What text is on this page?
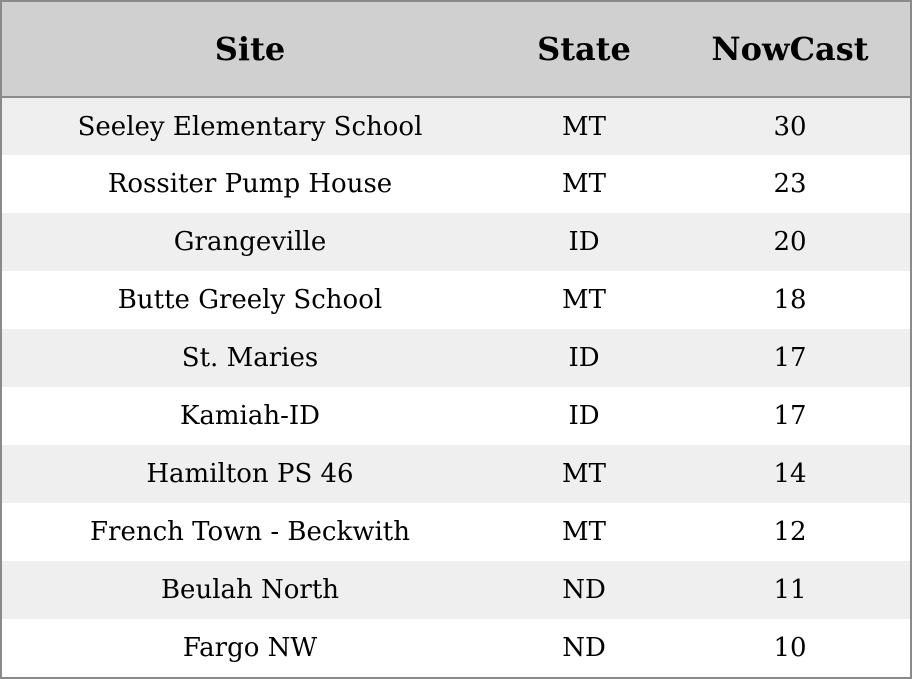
Site	State	NowCast
Seeley Elementary School	MT	30
Rossiter Pump House	MT	23
Grangeville	ID	20
Butte Greely School	MT	18
St. Maries	ID	17
Kamiah-ID	ID	17
Hamilton PS 46	MT	14
French Town - Beckwith	MT	12
Beulah North	ND	11
Fargo NW	ND	10
